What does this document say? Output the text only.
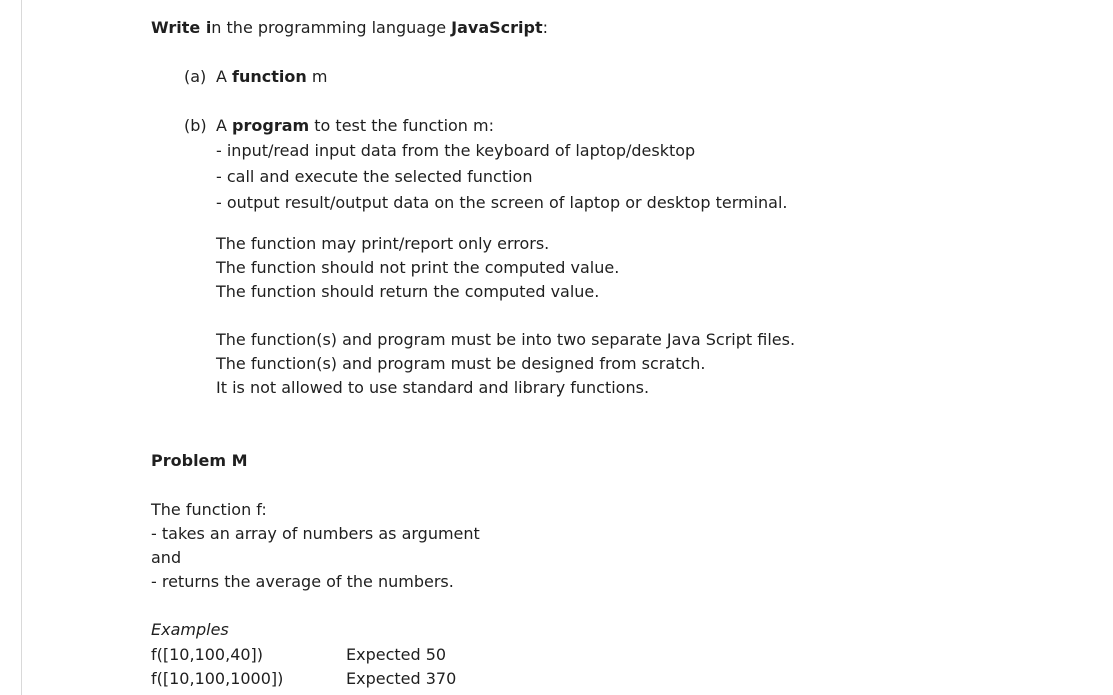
Write in the programming language JavaScript:
(a) A function m
(b) A program to test the function m:
- input/read input data from the keyboard of laptop/desktop
- call and execute the selected function
- output result/output data on the screen of laptop or desktop terminal.
The function may print/report only errors.
The function should not print the computed value.
The function should return the computed value.
The function(s) and program must be into two separate Java Script files.
The function(s) and program must be designed from scratch.
It is not allowed to use standard and library functions.
Problem M
The function f:
- takes an array of numbers as argument
and
- returns the average of the numbers.
Examples
f([10,100,40])	Expected 50
f([10,100,1000])	Expected 370
